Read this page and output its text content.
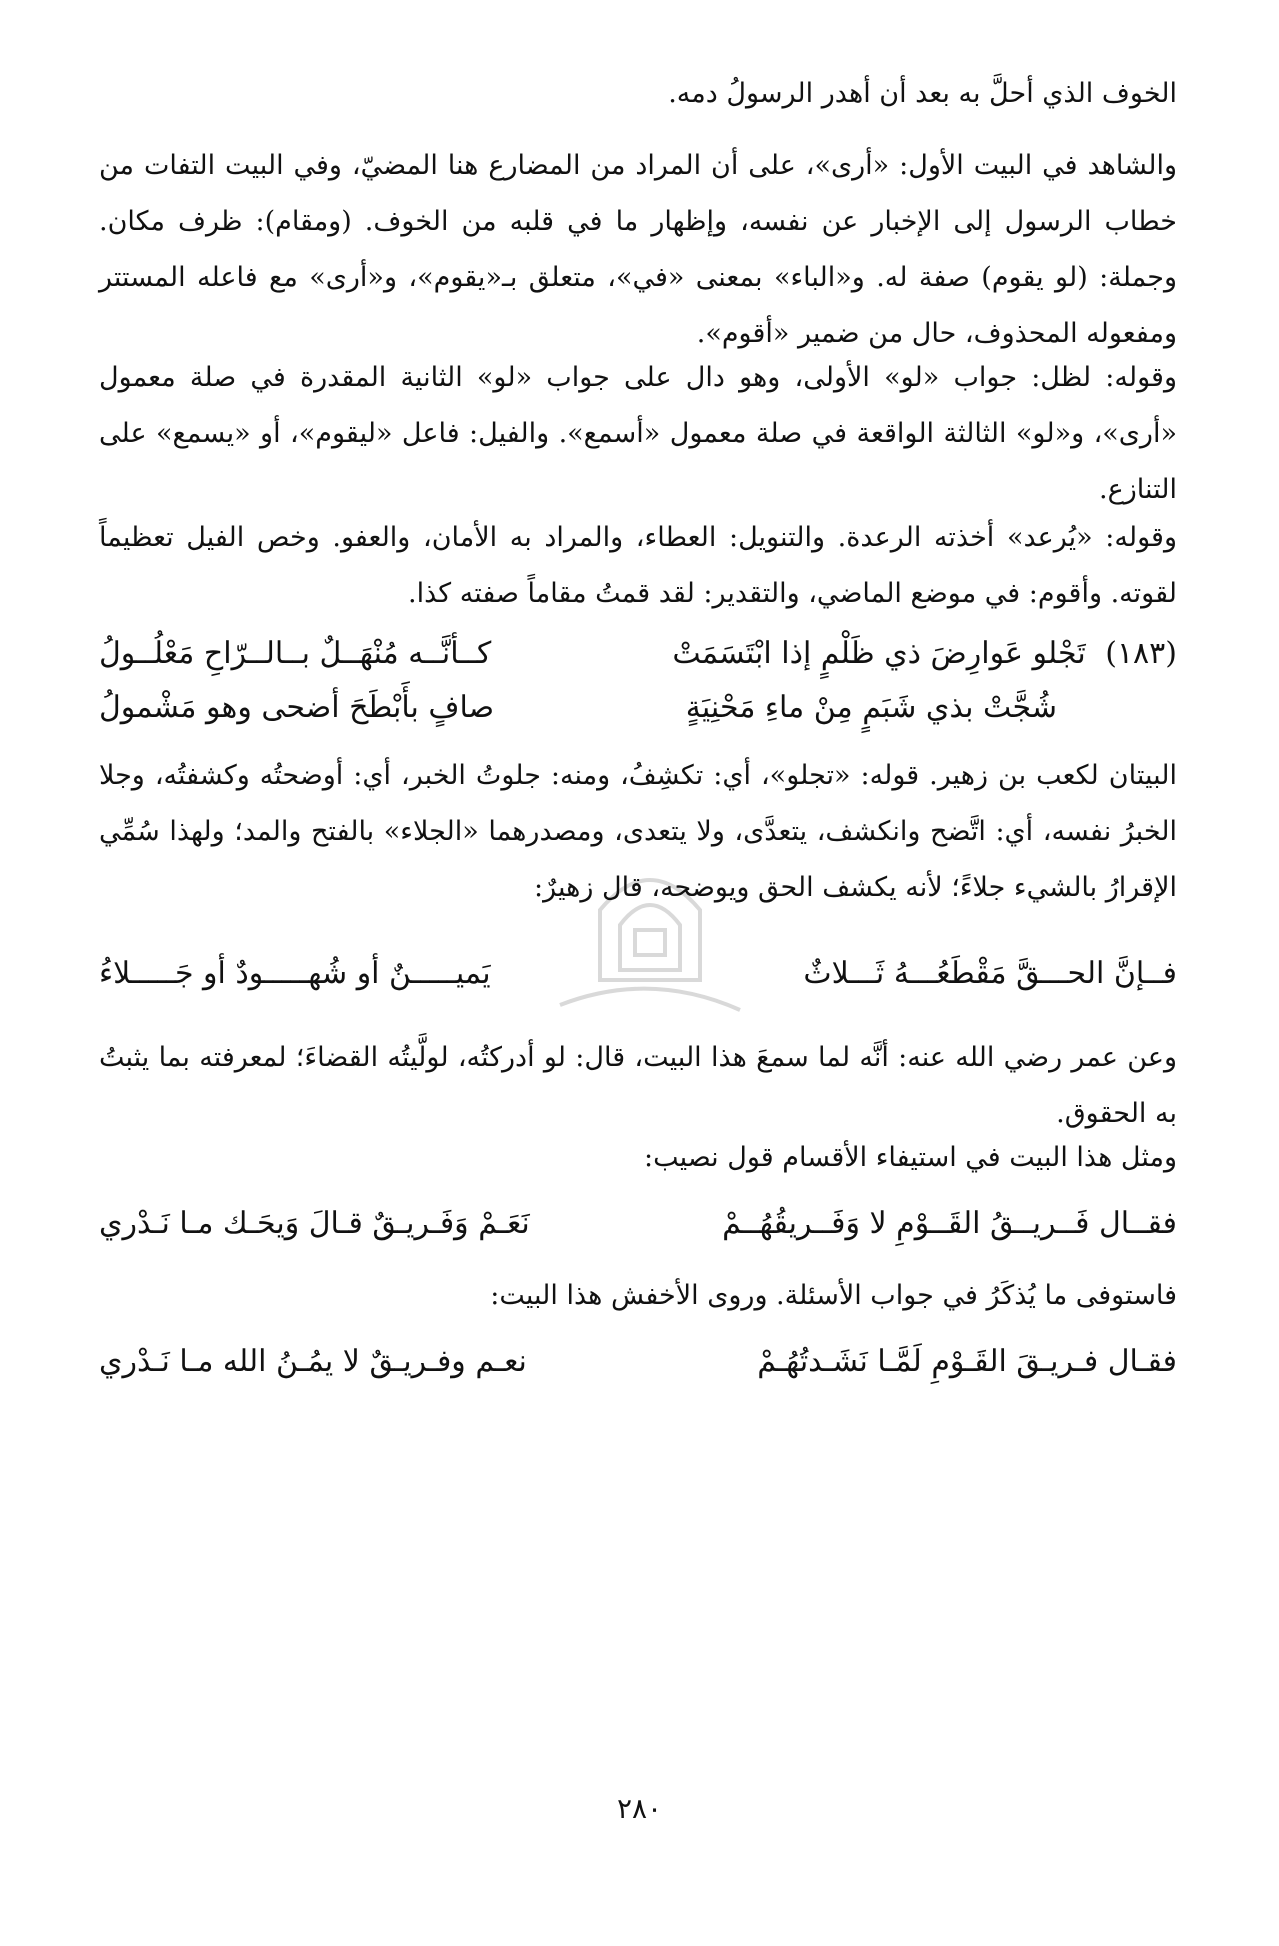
الخوف الذي أحلَّ به بعد أن أهدر الرسولُ دمه.

والشاهد في البيت الأول: «أرى»، على أن المراد من المضارع هنا المضيّ، وفي البيت التفات من خطاب الرسول إلى الإخبار عن نفسه، وإظهار ما في قلبه من الخوف. (ومقام): ظرف مكان. وجملة: (لو يقوم) صفة له. و«الباء» بمعنى «في»، متعلق بـ«يقوم»، و«أرى» مع فاعله المستتر ومفعوله المحذوف، حال من ضمير «أقوم».

وقوله: لظل: جواب «لو» الأولى، وهو دال على جواب «لو» الثانية المقدرة في صلة معمول «أرى»، و«لو» الثالثة الواقعة في صلة معمول «أسمع». والفيل: فاعل «ليقوم»، أو «يسمع» على التنازع.

وقوله: «يُرعد» أخذته الرعدة. والتنويل: العطاء، والمراد به الأمان، والعفو. وخص الفيل تعظيماً لقوته. وأقوم: في موضع الماضي، والتقدير: لقد قمتُ مقاماً صفته كذا.

(١٨٣) تَجْلو عَوارِضَ ذي ظَلْمٍ إذا ابْتَسَمَتْ
كــأنَّــه مُنْهَــلٌ بــالــرّاحِ مَعْلُــولُ
شُجَّتْ بذي شَبَمٍ مِنْ ماءِ مَحْنِيَةٍ
صافٍ بأَبْطَحَ أضحى وهو مَشْمولُ

البيتان لكعب بن زهير. قوله: «تجلو»، أي: تكشِفُ، ومنه: جلوتُ الخبر، أي: أوضحتُه وكشفتُه، وجلا الخبرُ نفسه، أي: اتَّضح وانكشف، يتعدَّى، ولا يتعدى، ومصدرهما «الجلاء» بالفتح والمد؛ ولهذا سُمِّي الإقرارُ بالشيء جلاءً؛ لأنه يكشف الحق ويوضحه، قال زهيرٌ:

فــإنَّ الحـــقَّ مَقْطَعُـــهُ ثَـــلاثٌ
يَميـــــنٌ أو شُهـــــودٌ أو جَـــــلاءُ

وعن عمر رضي الله عنه: أنَّه لما سمعَ هذا البيت، قال: لو أدركتُه، لولَّيتُه القضاءَ؛ لمعرفته بما يثبتُ به الحقوق.

ومثل هذا البيت في استيفاء الأقسام قول نصيب:

فقــال فَــريــقُ القَــوْمِ لا وَفَــريقُهُــمْ
نَعَـمْ وَفَـريـقٌ قـالَ وَيحَـك مـا نَـدْري

فاستوفى ما يُذكَرُ في جواب الأسئلة. وروى الأخفش هذا البيت:

فقـال فـريـقَ القَـوْمِ لَمَّـا نَشَـدتُهُـمْ
نعـم وفـريـقٌ لا يمُـنُ الله مـا نَـدْري
٢٨٠
